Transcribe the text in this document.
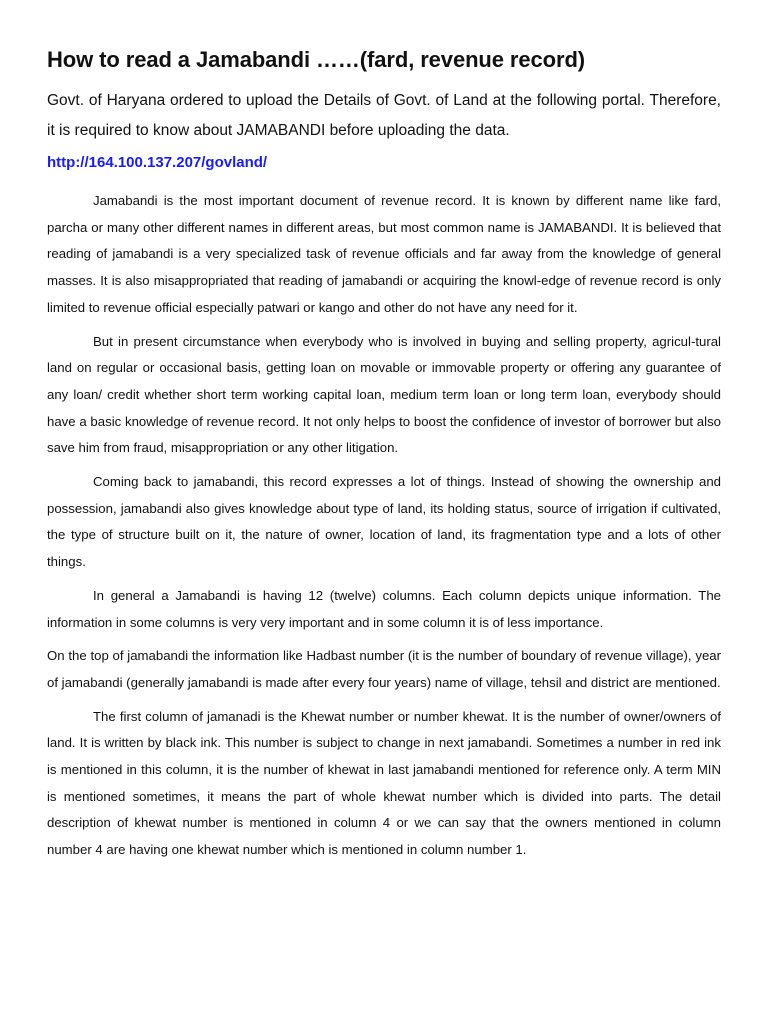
How to read a Jamabandi ……(fard, revenue record)

Govt. of Haryana ordered to upload the Details of Govt. of Land at the following portal. Therefore, it is required to know about JAMABANDI before uploading the data.

http://164.100.137.207/govland/

Jamabandi is the most important document of revenue record. It is known by different name like fard, parcha or many other different names in different areas, but most common name is JAMABANDI. It is believed that reading of jamabandi is a very specialized task of revenue officials and far away from the knowledge of general masses. It is also misappropriated that reading of jamabandi or acquiring the knowl-edge of revenue record is only limited to revenue official especially patwari or kango and other do not have any need for it.

But in present circumstance when everybody who is involved in buying and selling property, agricul-tural land on regular or occasional basis, getting loan on movable or immovable property or offering any guarantee of any loan/ credit whether short term working capital loan, medium term loan or long term loan, everybody should have a basic knowledge of revenue record. It not only helps to boost the confidence of investor of borrower but also save him from fraud, misappropriation or any other litigation.

Coming back to jamabandi, this record expresses a lot of things. Instead of showing the ownership and possession, jamabandi also gives knowledge about type of land, its holding status, source of irrigation if cultivated, the type of structure built on it, the nature of owner, location of land, its fragmentation type and a lots of other things.

In general a Jamabandi is having 12 (twelve) columns. Each column depicts unique information. The information in some columns is very very important and in some column it is of less importance.

On the top of jamabandi the information like Hadbast number (it is the number of boundary of revenue village), year of jamabandi (generally jamabandi is made after every four years) name of village, tehsil and district are mentioned.

The first column of jamanadi is the Khewat number or number khewat. It is the number of owner/owners of land. It is written by black ink. This number is subject to change in next jamabandi. Sometimes a number in red ink is mentioned in this column, it is the number of khewat in last jamabandi mentioned for reference only. A term MIN is mentioned sometimes, it means the part of whole khewat number which is divided into parts. The detail description of khewat number is mentioned in column 4 or we can say that the owners mentioned in column number 4 are having one khewat number which is mentioned in column number 1.
